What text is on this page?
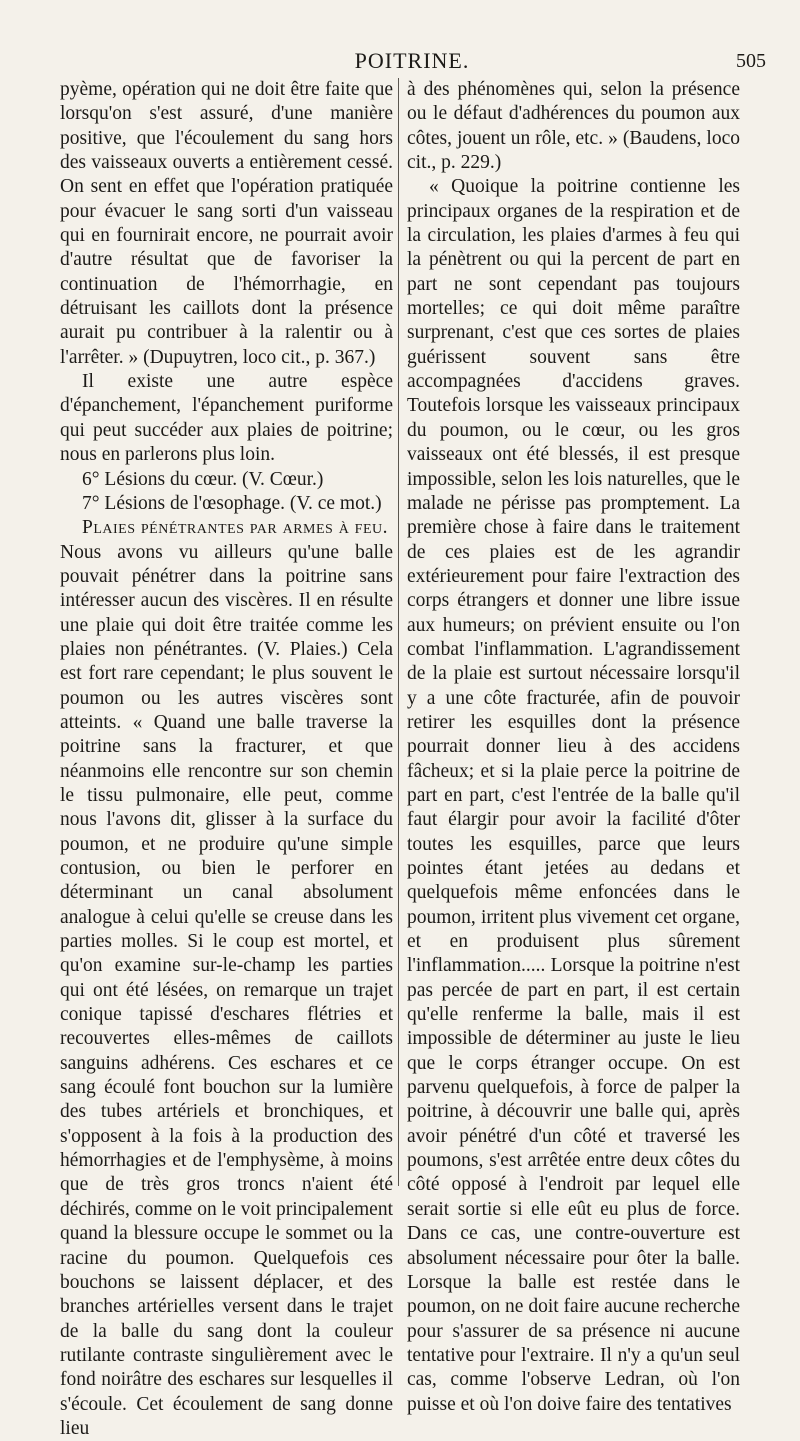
POITRINE.	505

pyème, opération qui ne doit être faite que lorsqu'on s'est assuré, d'une manière positive, que l'écoulement du sang hors des vaisseaux ouverts a entièrement cessé. On sent en effet que l'opération pratiquée pour évacuer le sang sorti d'un vaisseau qui en fournirait encore, ne pourrait avoir d'autre résultat que de favoriser la continuation de l'hémorrhagie, en détruisant les caillots dont la présence aurait pu contribuer à la ralentir ou à l'arrêter. » (Dupuytren, loco cit., p. 367.)

Il existe une autre espèce d'épanchement, l'épanchement puriforme qui peut succéder aux plaies de poitrine; nous en parlerons plus loin.

6° Lésions du cœur. (V. Cœur.)

7° Lésions de l'œsophage. (V. ce mot.)

Plaies pénétrantes par armes à feu.

Nous avons vu ailleurs qu'une balle pouvait pénétrer dans la poitrine sans intéresser aucun des viscères. Il en résulte une plaie qui doit être traitée comme les plaies non pénétrantes. (V. Plaies.) Cela est fort rare cependant; le plus souvent le poumon ou les autres viscères sont atteints. « Quand une balle traverse la poitrine sans la fracturer, et que néanmoins elle rencontre sur son chemin le tissu pulmonaire, elle peut, comme nous l'avons dit, glisser à la surface du poumon, et ne produire qu'une simple contusion, ou bien le perforer en déterminant un canal absolument analogue à celui qu'elle se creuse dans les parties molles. Si le coup est mortel, et qu'on examine sur-le-champ les parties qui ont été lésées, on remarque un trajet conique tapissé d'eschares flétries et recouvertes elles-mêmes de caillots sanguins adhérens. Ces eschares et ce sang écoulé font bouchon sur la lumière des tubes artériels et bronchiques, et s'opposent à la fois à la production des hémorrhagies et de l'emphysème, à moins que de très gros troncs n'aient été déchirés, comme on le voit principalement quand la blessure occupe le sommet ou la racine du poumon. Quelquefois ces bouchons se laissent déplacer, et des branches artérielles versent dans le trajet de la balle du sang dont la couleur rutilante contraste singulièrement avec le fond noirâtre des eschares sur lesquelles il s'écoule. Cet écoulement de sang donne lieu

à des phénomènes qui, selon la présence ou le défaut d'adhérences du poumon aux côtes, jouent un rôle, etc. » (Baudens, loco cit., p. 229.)

« Quoique la poitrine contienne les principaux organes de la respiration et de la circulation, les plaies d'armes à feu qui la pénètrent ou qui la percent de part en part ne sont cependant pas toujours mortelles; ce qui doit même paraître surprenant, c'est que ces sortes de plaies guérissent souvent sans être accompagnées d'accidens graves. Toutefois lorsque les vaisseaux principaux du poumon, ou le cœur, ou les gros vaisseaux ont été blessés, il est presque impossible, selon les lois naturelles, que le malade ne périsse pas promptement. La première chose à faire dans le traitement de ces plaies est de les agrandir extérieurement pour faire l'extraction des corps étrangers et donner une libre issue aux humeurs; on prévient ensuite ou l'on combat l'inflammation. L'agrandissement de la plaie est surtout nécessaire lorsqu'il y a une côte fracturée, afin de pouvoir retirer les esquilles dont la présence pourrait donner lieu à des accidens fâcheux; et si la plaie perce la poitrine de part en part, c'est l'entrée de la balle qu'il faut élargir pour avoir la facilité d'ôter toutes les esquilles, parce que leurs pointes étant jetées au dedans et quelquefois même enfoncées dans le poumon, irritent plus vivement cet organe, et en produisent plus sûrement l'inflammation..... Lorsque la poitrine n'est pas percée de part en part, il est certain qu'elle renferme la balle, mais il est impossible de déterminer au juste le lieu que le corps étranger occupe. On est parvenu quelquefois, à force de palper la poitrine, à découvrir une balle qui, après avoir pénétré d'un côté et traversé les poumons, s'est arrêtée entre deux côtes du côté opposé à l'endroit par lequel elle serait sortie si elle eût eu plus de force. Dans ce cas, une contre-ouverture est absolument nécessaire pour ôter la balle. Lorsque la balle est restée dans le poumon, on ne doit faire aucune recherche pour s'assurer de sa présence ni aucune tentative pour l'extraire. Il n'y a qu'un seul cas, comme l'observe Ledran, où l'on puisse et où l'on doive faire des tentatives
